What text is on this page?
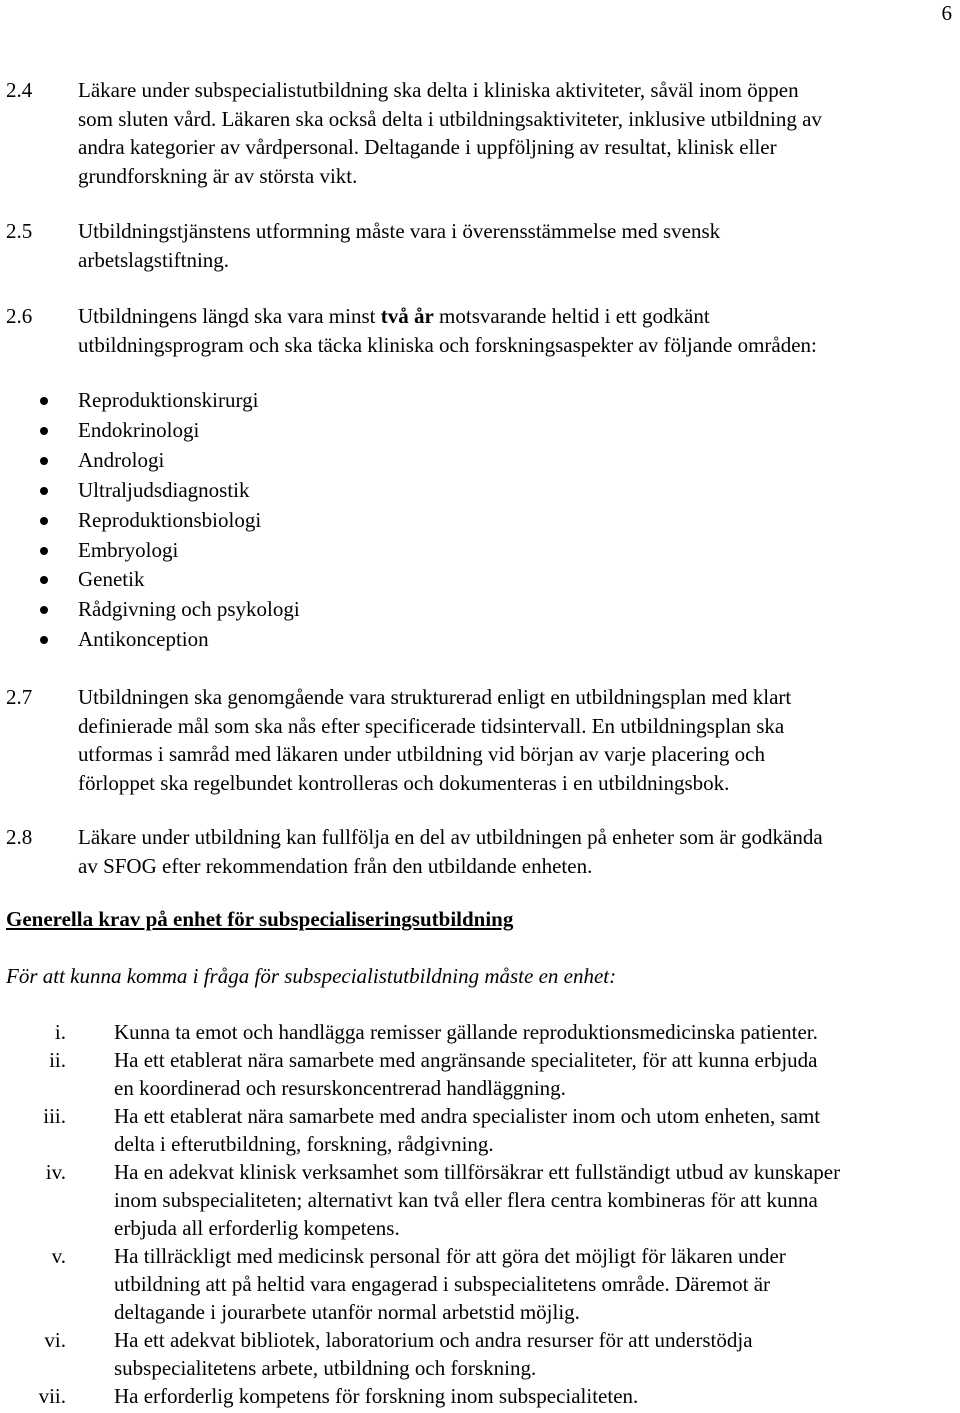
6
2.4 Läkare under subspecialistutbildning ska delta i kliniska aktiviteter, såväl inom öppen
som sluten vård. Läkaren ska också delta i utbildningsaktiviteter, inklusive utbildning av
andra kategorier av vårdpersonal. Deltagande i uppföljning av resultat, klinisk eller
grundforskning är av största vikt.
2.5 Utbildningstjänstens utformning måste vara i överensstämmelse med svensk
arbetslagstiftning.
2.6 Utbildningens längd ska vara minst två år motsvarande heltid i ett godkänt
utbildningsprogram och ska täcka kliniska och forskningsaspekter av följande områden:
Reproduktionskirurgi
Endokrinologi
Andrologi
Ultraljudsdiagnostik
Reproduktionsbiologi
Embryologi
Genetik
Rådgivning och psykologi
Antikonception
2.7 Utbildningen ska genomgående vara strukturerad enligt en utbildningsplan med klart
definierade mål som ska nås efter specificerade tidsintervall. En utbildningsplan ska
utformas i samråd med läkaren under utbildning vid början av varje placering och
förloppet ska regelbundet kontrolleras och dokumenteras i en utbildningsbok.
2.8 Läkare under utbildning kan fullfölja en del av utbildningen på enheter som är godkända
av SFOG efter rekommendation från den utbildande enheten.
Generella krav på enhet för subspecialiseringsutbildning
För att kunna komma i fråga för subspecialistutbildning måste en enhet:
i. Kunna ta emot och handlägga remisser gällande reproduktionsmedicinska patienter.
ii. Ha ett etablerat nära samarbete med angränsande specialiteter, för att kunna erbjuda
en koordinerad och resurskoncentrerad handläggning.
iii. Ha ett etablerat nära samarbete med andra specialister inom och utom enheten, samt
delta i efterutbildning, forskning, rådgivning.
iv. Ha en adekvat klinisk verksamhet som tillförsäkrar ett fullständigt utbud av kunskaper
inom subspecialiteten; alternativt kan två eller flera centra kombineras för att kunna
erbjuda all erforderlig kompetens.
v. Ha tillräckligt med medicinsk personal för att göra det möjligt för läkaren under
utbildning att på heltid vara engagerad i subspecialitetens område. Däremot är
deltagande i jourarbete utanför normal arbetstid möjlig.
vi. Ha ett adekvat bibliotek, laboratorium och andra resurser för att understödja
subspecialitetens arbete, utbildning och forskning.
vii. Ha erforderlig kompetens för forskning inom subspecialiteten.
